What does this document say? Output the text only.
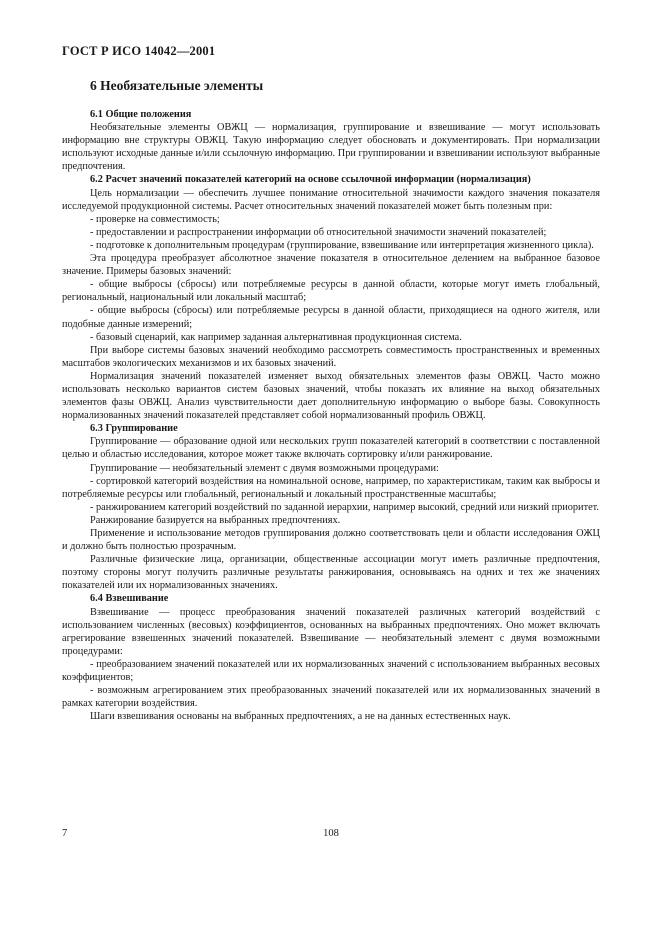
ГОСТ Р ИСО 14042—2001
6 Необязательные элементы
6.1 Общие положения

Необязательные элементы ОВЖЦ — нормализация, группирование и взвешивание — могут использовать информацию вне структуры ОВЖЦ. Такую информацию следует обосновать и документировать. При нормализации используют исходные данные и/или ссылочную информацию. При группировании и взвешивании используют выбранные предпочтения.

6.2 Расчет значений показателей категорий на основе ссылочной информации (нормализация)

Цель нормализации — обеспечить лучшее понимание относительной значимости каждого значения показателя исследуемой продукционной системы. Расчет относительных значений показателей может быть полезным при:

- проверке на совместимость;

- предоставлении и распространении информации об относительной значимости значений показателей;

- подготовке к дополнительным процедурам (группирование, взвешивание или интерпретация жизненного цикла).

Эта процедура преобразует абсолютное значение показателя в относительное делением на выбранное базовое значение. Примеры базовых значений:

- общие выбросы (сбросы) или потребляемые ресурсы в данной области, которые могут иметь глобальный, региональный, национальный или локальный масштаб;

- общие выбросы (сбросы) или потребляемые ресурсы в данной области, приходящиеся на одного жителя, или подобные данные измерений;

- базовый сценарий, как например заданная альтернативная продукционная система.

При выборе системы базовых значений необходимо рассмотреть совместимость пространственных и временных масштабов экологических механизмов и их базовых значений.

Нормализация значений показателей изменяет выход обязательных элементов фазы ОВЖЦ. Часто можно использовать несколько вариантов систем базовых значений, чтобы показать их влияние на выход обязательных элементов фазы ОВЖЦ. Анализ чувствительности дает дополнительную информацию о выборе базы. Совокупность нормализованных значений показателей представляет собой нормализованный профиль ОВЖЦ.

6.3 Группирование

Группирование — образование одной или нескольких групп показателей категорий в соответствии с поставленной целью и областью исследования, которое может также включать сортировку и/или ранжирование.

Группирование — необязательный элемент с двумя возможными процедурами:

- сортировкой категорий воздействия на номинальной основе, например, по характеристикам, таким как выбросы и потребляемые ресурсы или глобальный, региональный и локальный пространственные масштабы;

- ранжированием категорий воздействий по заданной иерархии, например высокий, средний или низкий приоритет.

Ранжирование базируется на выбранных предпочтениях.

Применение и использование методов группирования должно соответствовать цели и области исследования ОЖЦ и должно быть полностью прозрачным.

Различные физические лица, организации, общественные ассоциации могут иметь различные предпочтения, поэтому стороны могут получить различные результаты ранжирования, основываясь на одних и тех же значениях показателей или их нормализованных значениях.

6.4 Взвешивание

Взвешивание — процесс преобразования значений показателей различных категорий воздействий с использованием численных (весовых) коэффициентов, основанных на выбранных предпочтениях. Оно может включать агрегирование взвешенных значений показателей. Взвешивание — необязательный элемент с двумя возможными процедурами:

- преобразованием значений показателей или их нормализованных значений с использованием выбранных весовых коэффициентов;

- возможным агрегированием этих преобразованных значений показателей или их нормализованных значений в рамках категории воздействия.

Шаги взвешивания основаны на выбранных предпочтениях, а не на данных естественных наук.

7	108
